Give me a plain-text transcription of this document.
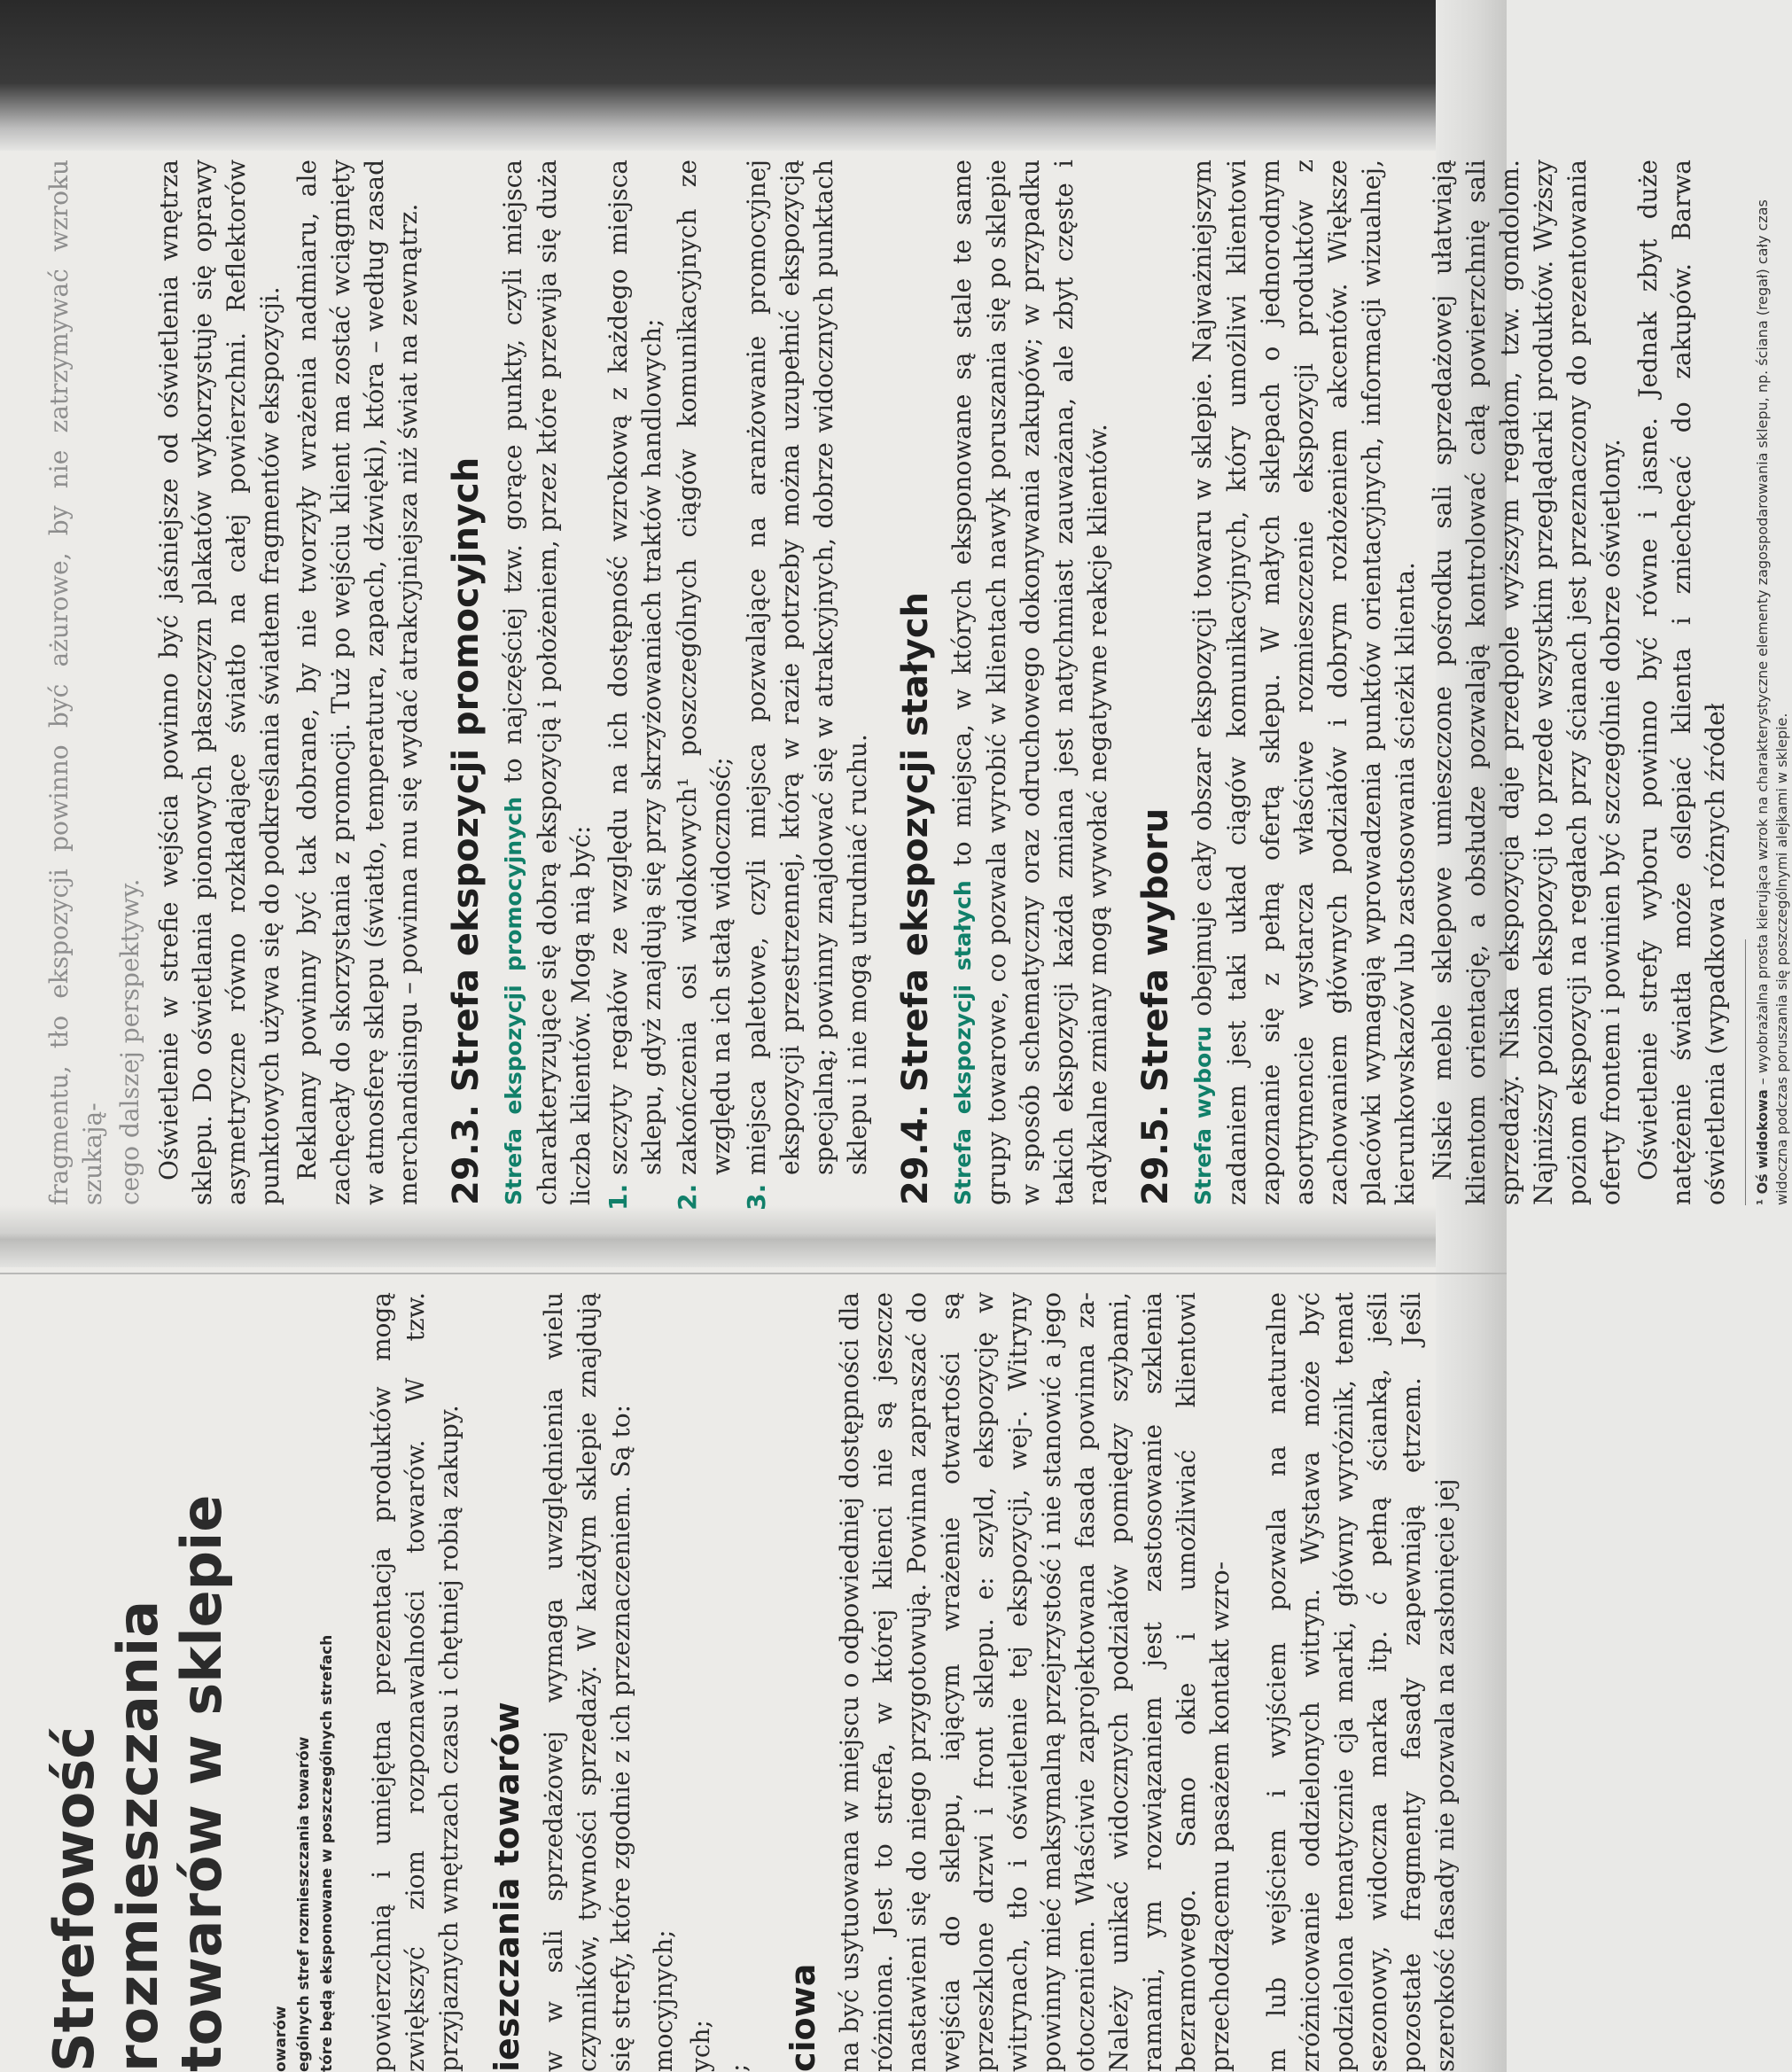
fragmentu, tło ekspozycji powinno być ażurowe, by nie zatrzymywać wzroku szukają- cego dalszej perspektywy. Oświetlenie w strefie wejścia powinno być jaśniejsze od oświetlenia wnętrza sklepu. Do oświetlania pionowych płaszczyzn plakatów wykorzystuje się oprawy asymetryczne równo rozkładające światło na całej powierzchni. Reflektorów punktowych używa się do podkreślania światłem fragmentów ekspozycji. Reklamy powinny być tak dobrane, by nie tworzyły wrażenia nadmiaru, ale zachęcały do skorzystania z promocji. Tuż po wejściu klient ma zostać wciągnięty w atmosferę sklepu (światło, temperatura, zapach, dźwięki), która – według zasad merchandisingu – powinna mu się wydać atrakcyjniejsza niż świat na zewnątrz. 29.3. Strefa ekspozycji promocyjnych Strefa ekspozycji promocyjnych to najczęściej tzw. gorące punkty, czyli miejsca charakteryzujące się dobrą ekspozycją i położeniem, przez które przewija się duża liczba klientów. Mogą nią być: 1. szczyty regałów ze względu na ich dostępność wzrokową z każdego miejsca sklepu, gdyż znajdują się przy skrzyżowaniach traktów handlowych; 2. zakończenia osi widokowych¹ poszczególnych ciągów komunikacyjnych ze względu na ich stałą widoczność; 3. miejsca paletowe, czyli miejsca pozwalające na aranżowanie promocyjnej ekspozycji przestrzennej, którą w razie potrzeby można uzupełnić ekspozycją specjalną; powinny znajdować się w atrakcyjnych, dobrze widocznych punktach sklepu i nie mogą utrudniać ruchu. 29.4. Strefa ekspozycji stałych Strefa ekspozycji stałych to miejsca, w których eksponowane są stale te same grupy towarowe, co pozwala wyrobić w klientach nawyk poruszania się po sklepie w sposób schematyczny oraz odruchowego dokonywania zakupów; w przypadku takich ekspozycji każda zmiana jest natychmiast zauważana, ale zbyt częste i radykalne zmiany mogą wywołać negatywne reakcje klientów. 29.5. Strefa wyboru Strefa wyboru obejmuje cały obszar ekspozycji towaru w sklepie. Najważniejszym zadaniem jest taki układ ciągów komunikacyjnych, który umożliwi klientowi zapoznanie się z pełną ofertą sklepu. W małych sklepach o jednorodnym asortymencie wystarcza właściwe rozmieszczenie ekspozycji produktów z zachowaniem głównych podziałów i dobrym rozłożeniem akcentów. Większe placówki wymagają wprowadzenia punktów orientacyjnych, informacji wizualnej, kierunkowskazów lub zastosowania ścieżki klienta. Niskie meble sklepowe umieszczone pośrodku sali sprzedażowej ułatwiają klientom orientację, a obsłudze pozwalają kontrolować całą powierzchnię sali sprzedaży. Niska ekspozycja daje przedpole wyższym regałom, tzw. gondolom. Najniższy poziom ekspozycji to przede wszystkim przeglądarki produktów. Wyższy poziom ekspozycji na regałach przy ścianach jest przeznaczony do prezentowania oferty frontem i powinien być szczególnie dobrze oświetlony. Oświetlenie strefy wyboru powinno być równe i jasne. Jednak zbyt duże natężenie światła może oślepiać klienta i zniechęcać do zakupów. Barwa oświetlenia (wypadkowa różnych źródeł ¹ Oś widokowa – wyobrażalna prosta kierująca wzrok na charakterystyczne elementy zagospodarowania sklepu, np. ściana (regał) cały czas widoczna podczas poruszania się poszczególnymi alejkami w sklepie.
Strefowość rozmieszczania towarów w sklepie	owarów ególnych stref rozmieszczania towarów tóre będą eksponowane w poszczególnych strefach powierzchnią i umiejętna prezentacja produktów mogą zwiększyć ziom rozpoznawalności towarów. W tzw. przyjaznych wnętrzach czasu i chętniej robią zakupy. ieszczania towarów w w sali sprzedażowej wymaga uwzględnienia wielu czynników, tywności sprzedaży. W każdym sklepie znajdują się strefy, które zgodnie z ich przeznaczeniem. Są to: mocyjnych; ych; ; ciowa na być usytuowana w miejscu o odpowiedniej dostępności dla różniona. Jest to strefa, w której klienci nie są jeszcze nastawieni się do niego przygotowują. Powinna zapraszać do wejścia do sklepu, iającym wrażenie otwartości są przeszklone drzwi i front sklepu. e: szyld, ekspozycję w witrynach, tło i oświetlenie tej ekspozycji, wej-. Witryny powinny mieć maksymalną przejrzystość i nie stanowić a jego otoczeniem. Właściwie zaprojektowana fasada powinna za-Należy unikać widocznych podziałów pomiędzy szybami, ramami, ym rozwiązaniem jest zastosowanie szklenia bezramowego. Samo okie i umożliwiać klientowi przechodzącemu pasażem kontakt wzro- m lub wejściem i wyjściem pozwala na naturalne zróżnicowanie oddzielonych witryn. Wystawa może być podzielona tematycznie cja marki, główny wyróżnik, temat sezonowy, widoczna marka itp. ć pełną ścianką, jeśli pozostałe fragmenty fasady zapewniają ętrzem. Jeśli szerokość fasady nie pozwala na zasłonięcie jej
